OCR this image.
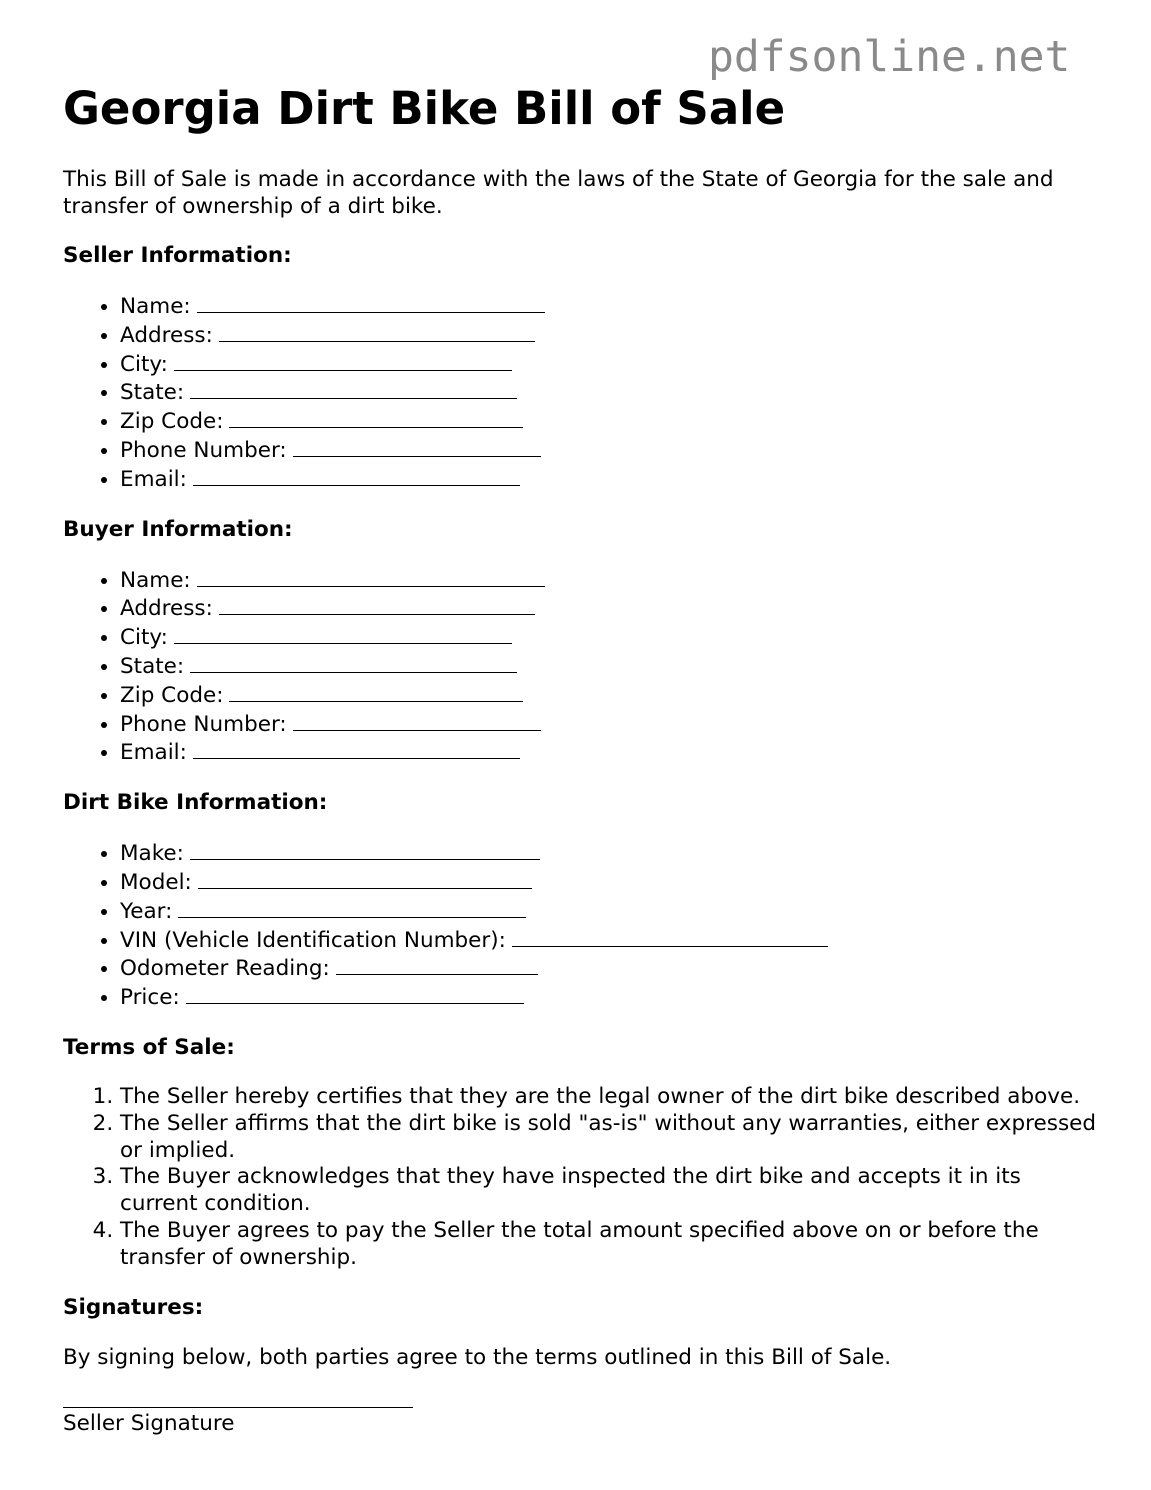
pdfsonline.net
Georgia Dirt Bike Bill of Sale

This Bill of Sale is made in accordance with the laws of the State of Georgia for the sale and transfer of ownership of a dirt bike.

Seller Information:
• Name:
• Address:
• City:
• State:
• Zip Code:
• Phone Number:
• Email:
Buyer Information:
• Name:
• Address:
• City:
• State:
• Zip Code:
• Phone Number:
• Email:
Dirt Bike Information:
• Make:
• Model:
• Year:
• VIN (Vehicle Identification Number):
• Odometer Reading:
• Price:
Terms of Sale:
1. The Seller hereby certifies that they are the legal owner of the dirt bike described above.
2. The Seller affirms that the dirt bike is sold "as-is" without any warranties, either expressed or implied.
3. The Buyer acknowledges that they have inspected the dirt bike and accepts it in its current condition.
4. The Buyer agrees to pay the Seller the total amount specified above on or before the transfer of ownership.
Signatures:

By signing below, both parties agree to the terms outlined in this Bill of Sale.

Seller Signature
